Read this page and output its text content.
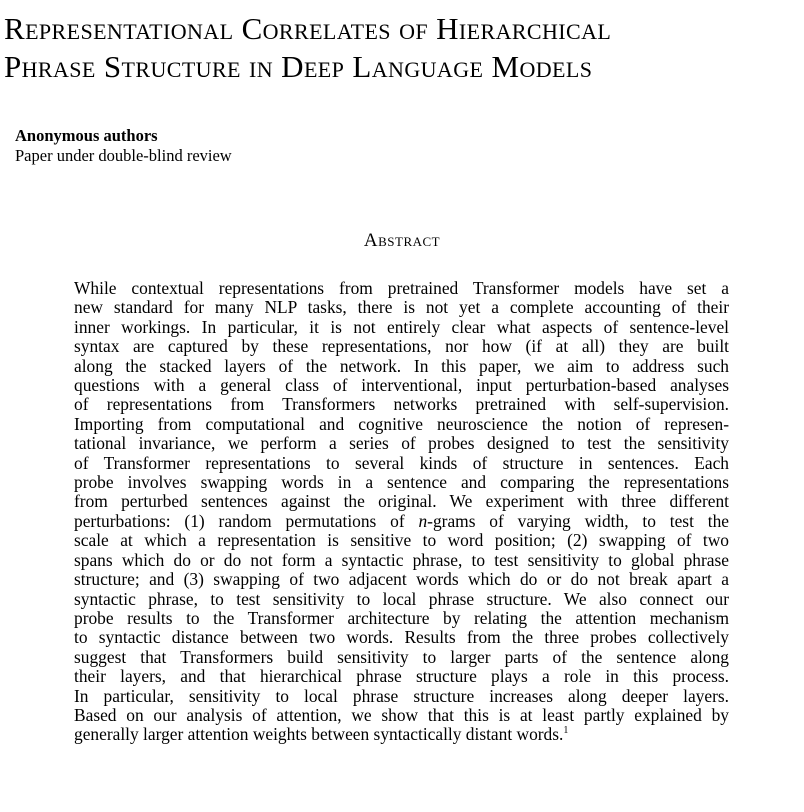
Representational Correlates of Hierarchical
Phrase Structure in Deep Language Models
Anonymous authors
Paper under double-blind review
Abstract
While contextual representations from pretrained Transformer models have set a
new standard for many NLP tasks, there is not yet a complete accounting of their
inner workings. In particular, it is not entirely clear what aspects of sentence-level
syntax are captured by these representations, nor how (if at all) they are built
along the stacked layers of the network. In this paper, we aim to address such
questions with a general class of interventional, input perturbation-based analyses
of representations from Transformers networks pretrained with self-supervision.
Importing from computational and cognitive neuroscience the notion of represen-
tational invariance, we perform a series of probes designed to test the sensitivity
of Transformer representations to several kinds of structure in sentences. Each
probe involves swapping words in a sentence and comparing the representations
from perturbed sentences against the original. We experiment with three different
perturbations: (1) random permutations of n-grams of varying width, to test the
scale at which a representation is sensitive to word position; (2) swapping of two
spans which do or do not form a syntactic phrase, to test sensitivity to global phrase
structure; and (3) swapping of two adjacent words which do or do not break apart a
syntactic phrase, to test sensitivity to local phrase structure. We also connect our
probe results to the Transformer architecture by relating the attention mechanism
to syntactic distance between two words. Results from the three probes collectively
suggest that Transformers build sensitivity to larger parts of the sentence along
their layers, and that hierarchical phrase structure plays a role in this process.
In particular, sensitivity to local phrase structure increases along deeper layers.
Based on our analysis of attention, we show that this is at least partly explained by
generally larger attention weights between syntactically distant words.$^1$
